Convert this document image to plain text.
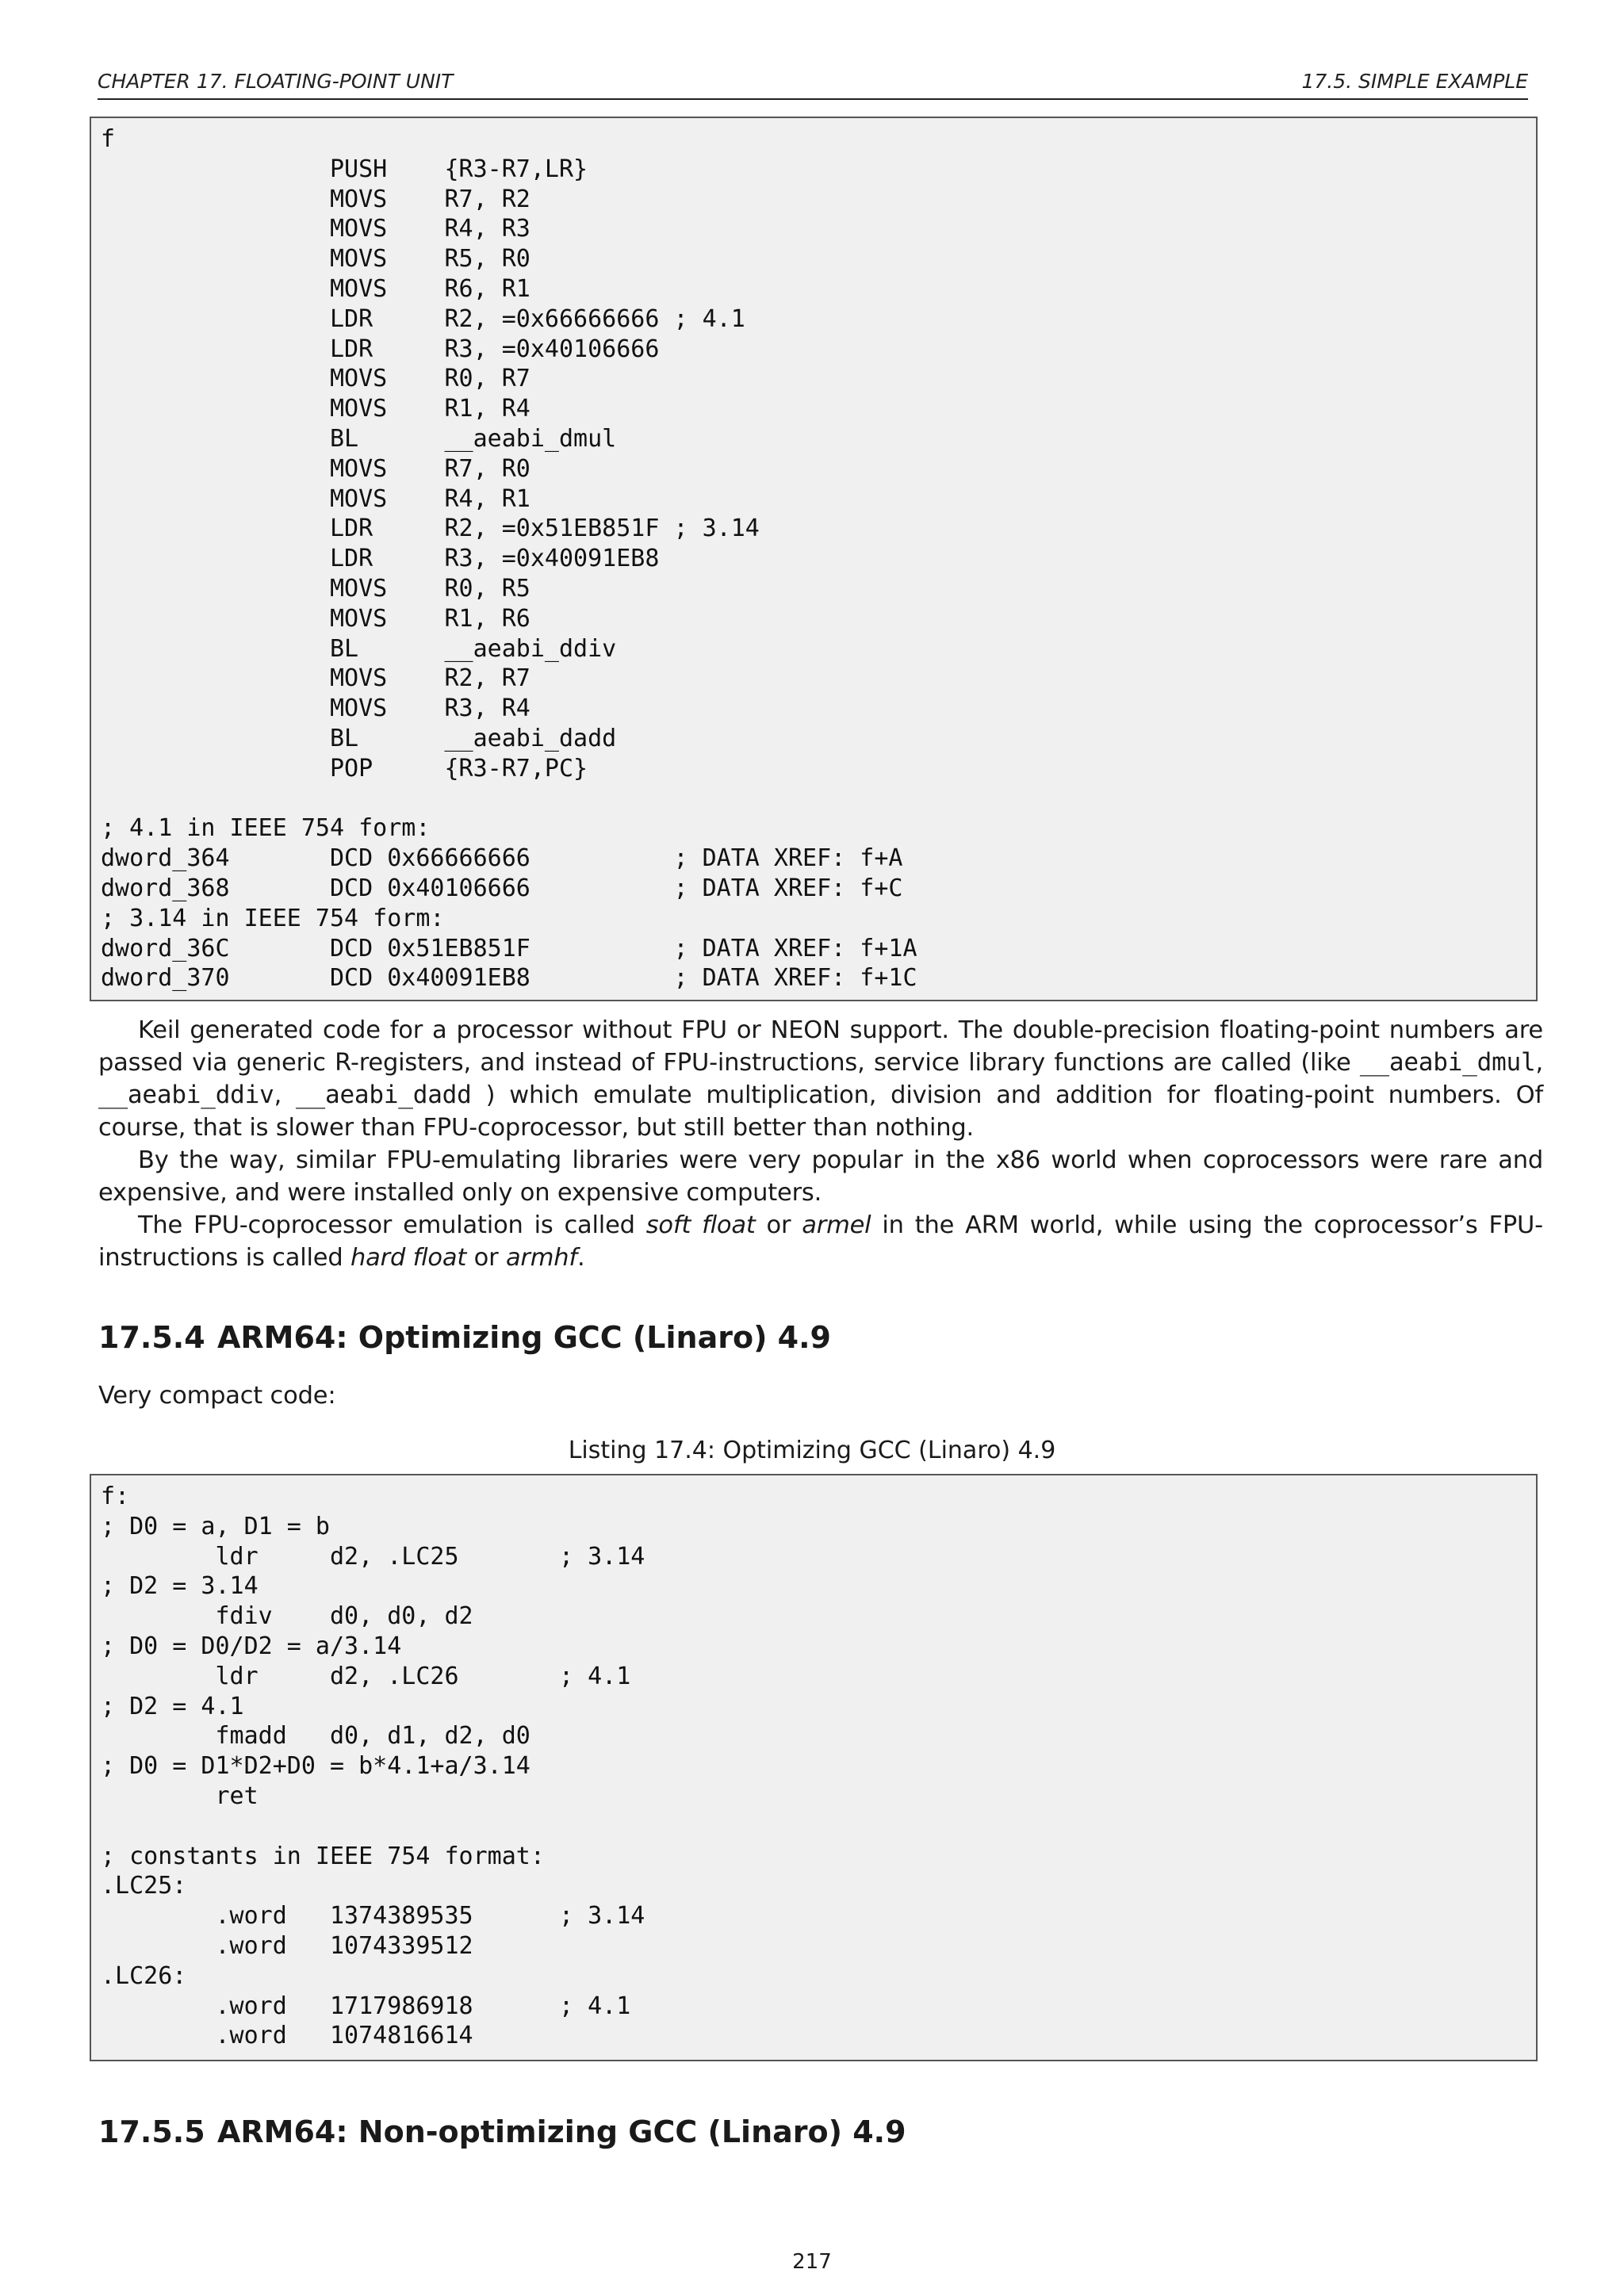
CHAPTER 17. FLOATING-POINT UNIT	17.5. SIMPLE EXAMPLE
f
PUSH    {R3-R7,LR}
MOVS    R7, R2
MOVS    R4, R3
MOVS    R5, R0
MOVS    R6, R1
LDR     R2, =0x66666666 ; 4.1
LDR     R3, =0x40106666
MOVS    R0, R7
MOVS    R1, R4
BL      __aeabi_dmul
MOVS    R7, R0
MOVS    R4, R1
LDR     R2, =0x51EB851F ; 3.14
LDR     R3, =0x40091EB8
MOVS    R0, R5
MOVS    R1, R6
BL      __aeabi_ddiv
MOVS    R2, R7
MOVS    R3, R4
BL      __aeabi_dadd
POP     {R3-R7,PC}
; 4.1 in IEEE 754 form:
dword_364       DCD 0x66666666          ; DATA XREF: f+A
dword_368       DCD 0x40106666          ; DATA XREF: f+C
; 3.14 in IEEE 754 form:
dword_36C       DCD 0x51EB851F          ; DATA XREF: f+1A
dword_370       DCD 0x40091EB8          ; DATA XREF: f+1C

Keil generated code for a processor without FPU or NEON support. The double-precision floating-point numbers are passed via generic R-registers, and instead of FPU-instructions, service library functions are called (like __aeabi_dmul, __aeabi_ddiv, __aeabi_dadd ) which emulate multiplication, division and addition for floating-point numbers. Of course, that is slower than FPU-coprocessor, but still better than nothing.

By the way, similar FPU-emulating libraries were very popular in the x86 world when coprocessors were rare and expensive, and were installed only on expensive computers.

The FPU-coprocessor emulation is called soft float or armel in the ARM world, while using the coprocessor’s FPU-instructions is called hard float or armhf.

17.5.4 ARM64: Optimizing GCC (Linaro) 4.9

Very compact code:

Listing 17.4: Optimizing GCC (Linaro) 4.9

f:
; D0 = a, D1 = b
ldr     d2, .LC25       ; 3.14
; D2 = 3.14
fdiv    d0, d0, d2
; D0 = D0/D2 = a/3.14
ldr     d2, .LC26       ; 4.1
; D2 = 4.1
fmadd   d0, d1, d2, d0
; D0 = D1*D2+D0 = b*4.1+a/3.14
ret
; constants in IEEE 754 format:
.LC25:
.word   1374389535      ; 3.14
.word   1074339512
.LC26:
.word   1717986918      ; 4.1
.word   1074816614
17.5.5 ARM64: Non-optimizing GCC (Linaro) 4.9
217
